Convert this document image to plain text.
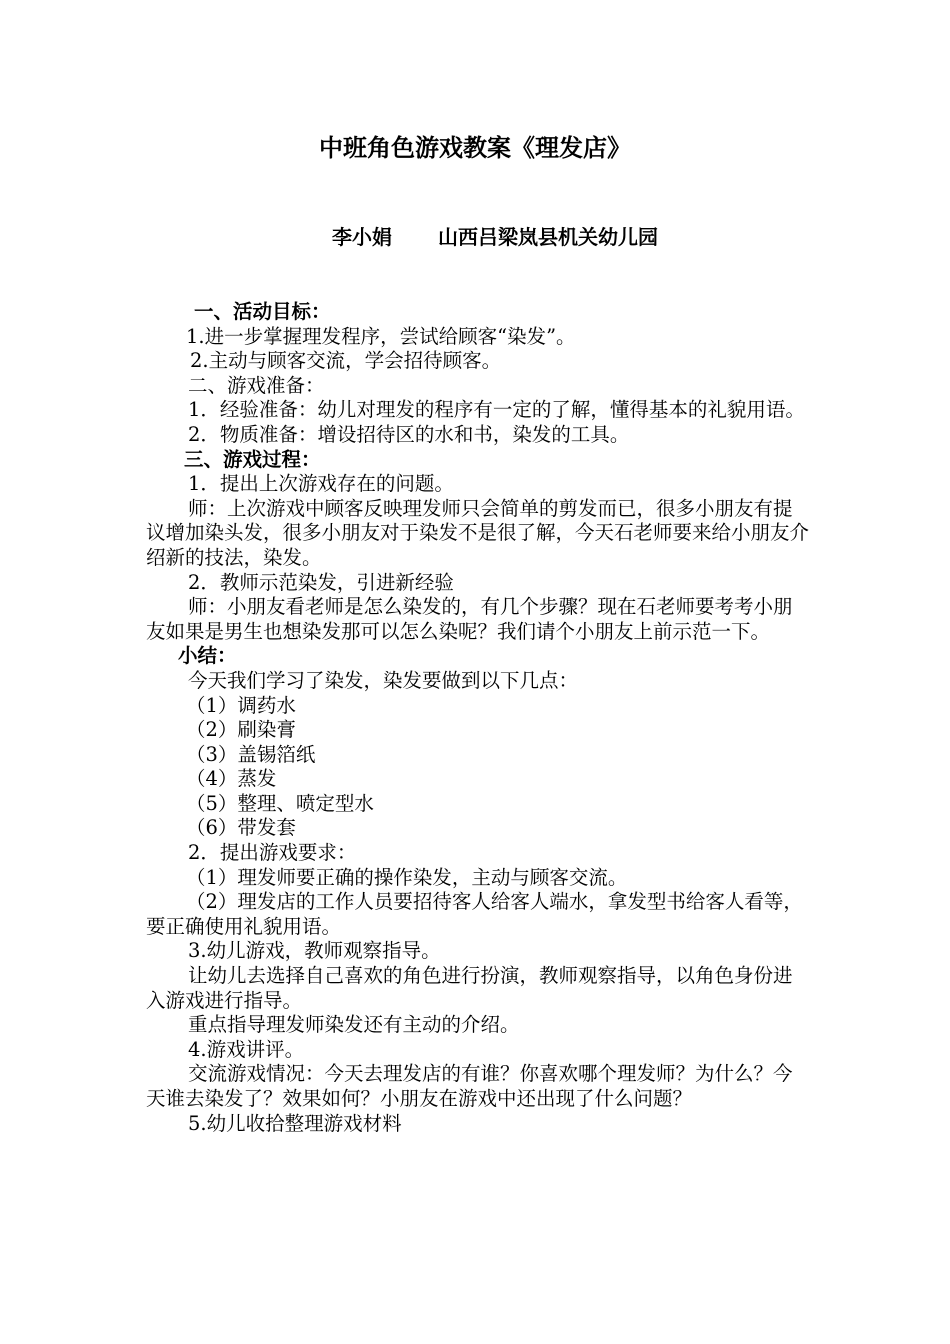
中班角色游戏教案《理发店》
李小娟 山西吕梁岚县机关幼儿园

一、活动目标：

1.进一步掌握理发程序，尝试给顾客“染发”。

2.主动与顾客交流，学会招待顾客。

二、游戏准备：

1．经验准备：幼儿对理发的程序有一定的了解，懂得基本的礼貌用语。

2．物质准备：增设招待区的水和书，染发的工具。

三、游戏过程：

1．提出上次游戏存在的问题。

师：上次游戏中顾客反映理发师只会简单的剪发而已，很多小朋友有提议增加染头发，很多小朋友对于染发不是很了解，今天石老师要来给小朋友介绍新的技法，染发。

2．教师示范染发，引进新经验

师：小朋友看老师是怎么染发的，有几个步骤？现在石老师要考考小朋友如果是男生也想染发那可以怎么染呢？我们请个小朋友上前示范一下。

小结：

今天我们学习了染发，染发要做到以下几点：

（1）调药水

（2）刷染膏

（3）盖锡箔纸

（4）蒸发

（5）整理、喷定型水

（6）带发套

2．提出游戏要求：

（1）理发师要正确的操作染发，主动与顾客交流。

（2）理发店的工作人员要招待客人给客人端水，拿发型书给客人看等，要正确使用礼貌用语。

3.幼儿游戏，教师观察指导。

让幼儿去选择自己喜欢的角色进行扮演，教师观察指导，以角色身份进入游戏进行指导。

重点指导理发师染发还有主动的介绍。

4.游戏讲评。

交流游戏情况：今天去理发店的有谁？你喜欢哪个理发师？为什么？今天谁去染发了？效果如何？小朋友在游戏中还出现了什么问题？

5.幼儿收拾整理游戏材料
